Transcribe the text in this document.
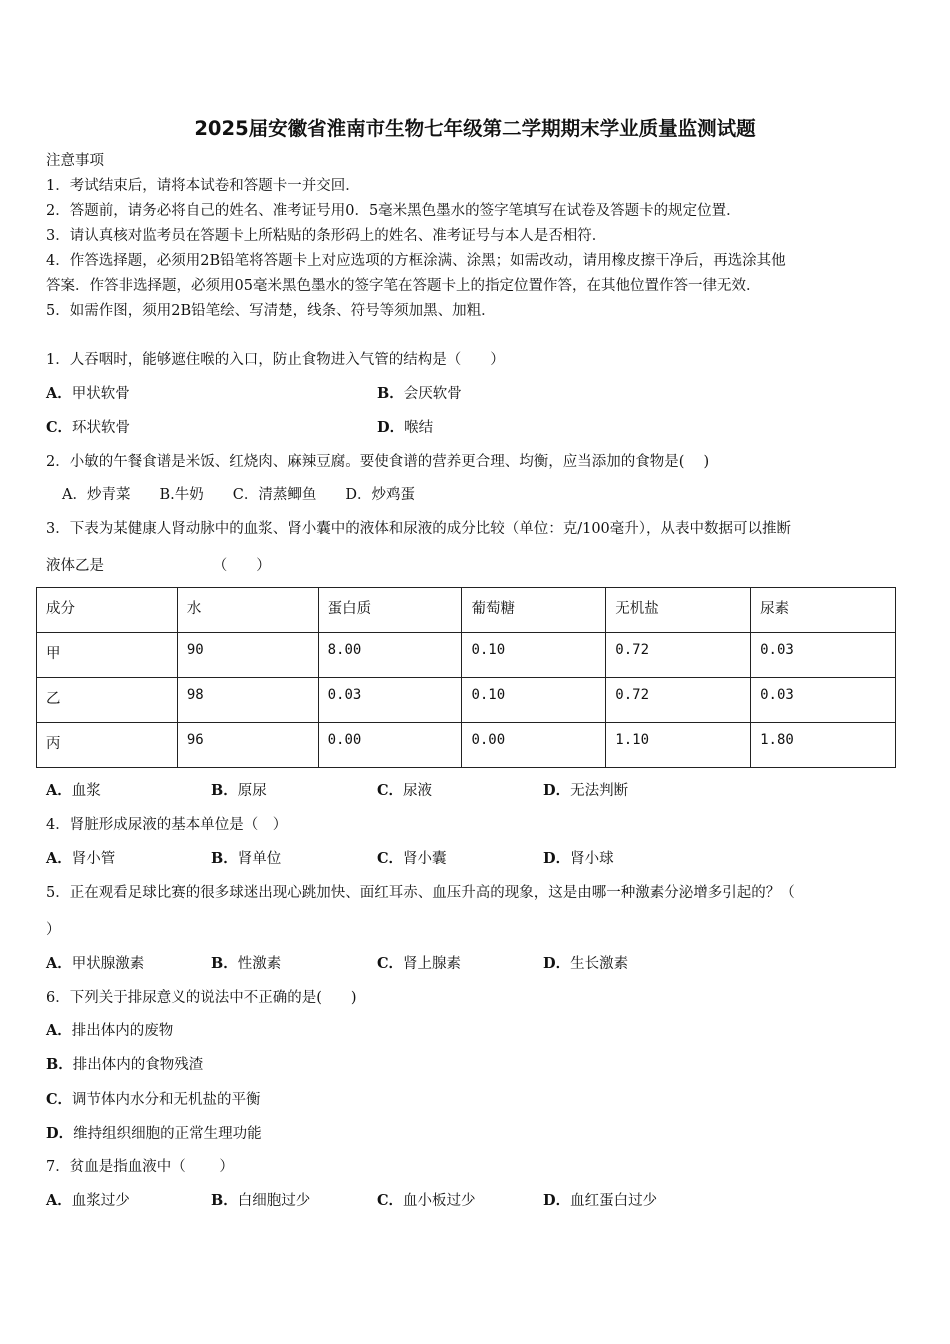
2025届安徽省淮南市生物七年级第二学期期末学业质量监测试题
注意事项
1．考试结束后，请将本试卷和答题卡一并交回．
2．答题前，请务必将自己的姓名、准考证号用0．5毫米黑色墨水的签字笔填写在试卷及答题卡的规定位置．
3．请认真核对监考员在答题卡上所粘贴的条形码上的姓名、准考证号与本人是否相符．
4．作答选择题，必须用2B铅笔将答题卡上对应选项的方框涂满、涂黑；如需改动，请用橡皮擦干净后，再选涂其他
答案．作答非选择题，必须用05毫米黑色墨水的签字笔在答题卡上的指定位置作答，在其他位置作答一律无效．
5．如需作图，须用2B铅笔绘、写清楚，线条、符号等须加黑、加粗．
1．人吞咽时，能够遮住喉的入口，防止食物进入气管的结构是（　　）
A．甲状软骨	B．会厌软骨
C．环状软骨	D．喉结
2．小敏的午餐食谱是米饭、红烧肉、麻辣豆腐。要使食谱的营养更合理、均衡，应当添加的食物是(　 )
A．炒青菜　　B.牛奶　　C．清蒸鲫鱼　　D．炒鸡蛋
3．下表为某健康人肾动脉中的血浆、肾小囊中的液体和尿液的成分比较（单位：克/100毫升），从表中数据可以推断
液体乙是　　　　　　　　（　　）
成分	水	蛋白质	葡萄糖	无机盐	尿素
甲	90	8.00	0.10	0.72	0.03
乙	98	0.03	0.10	0.72	0.03
丙	96	0.00	0.00	1.10	1.80
A．血浆	B．原尿	C．尿液	D．无法判断
4．肾脏形成尿液的基本单位是（　）
A．肾小管	B．肾单位	C．肾小囊	D．肾小球
5．正在观看足球比赛的很多球迷出现心跳加快、面红耳赤、血压升高的现象，这是由哪一种激素分泌增多引起的？（
）
A．甲状腺激素	B．性激素	C．肾上腺素	D．生长激素
6．下列关于排尿意义的说法中不正确的是(　　)
A．排出体内的废物
B．排出体内的食物残渣
C．调节体内水分和无机盐的平衡
D．维持组织细胞的正常生理功能
7．贫血是指血液中（　　 ）
A．血浆过少	B．白细胞过少	C．血小板过少	D．血红蛋白过少
